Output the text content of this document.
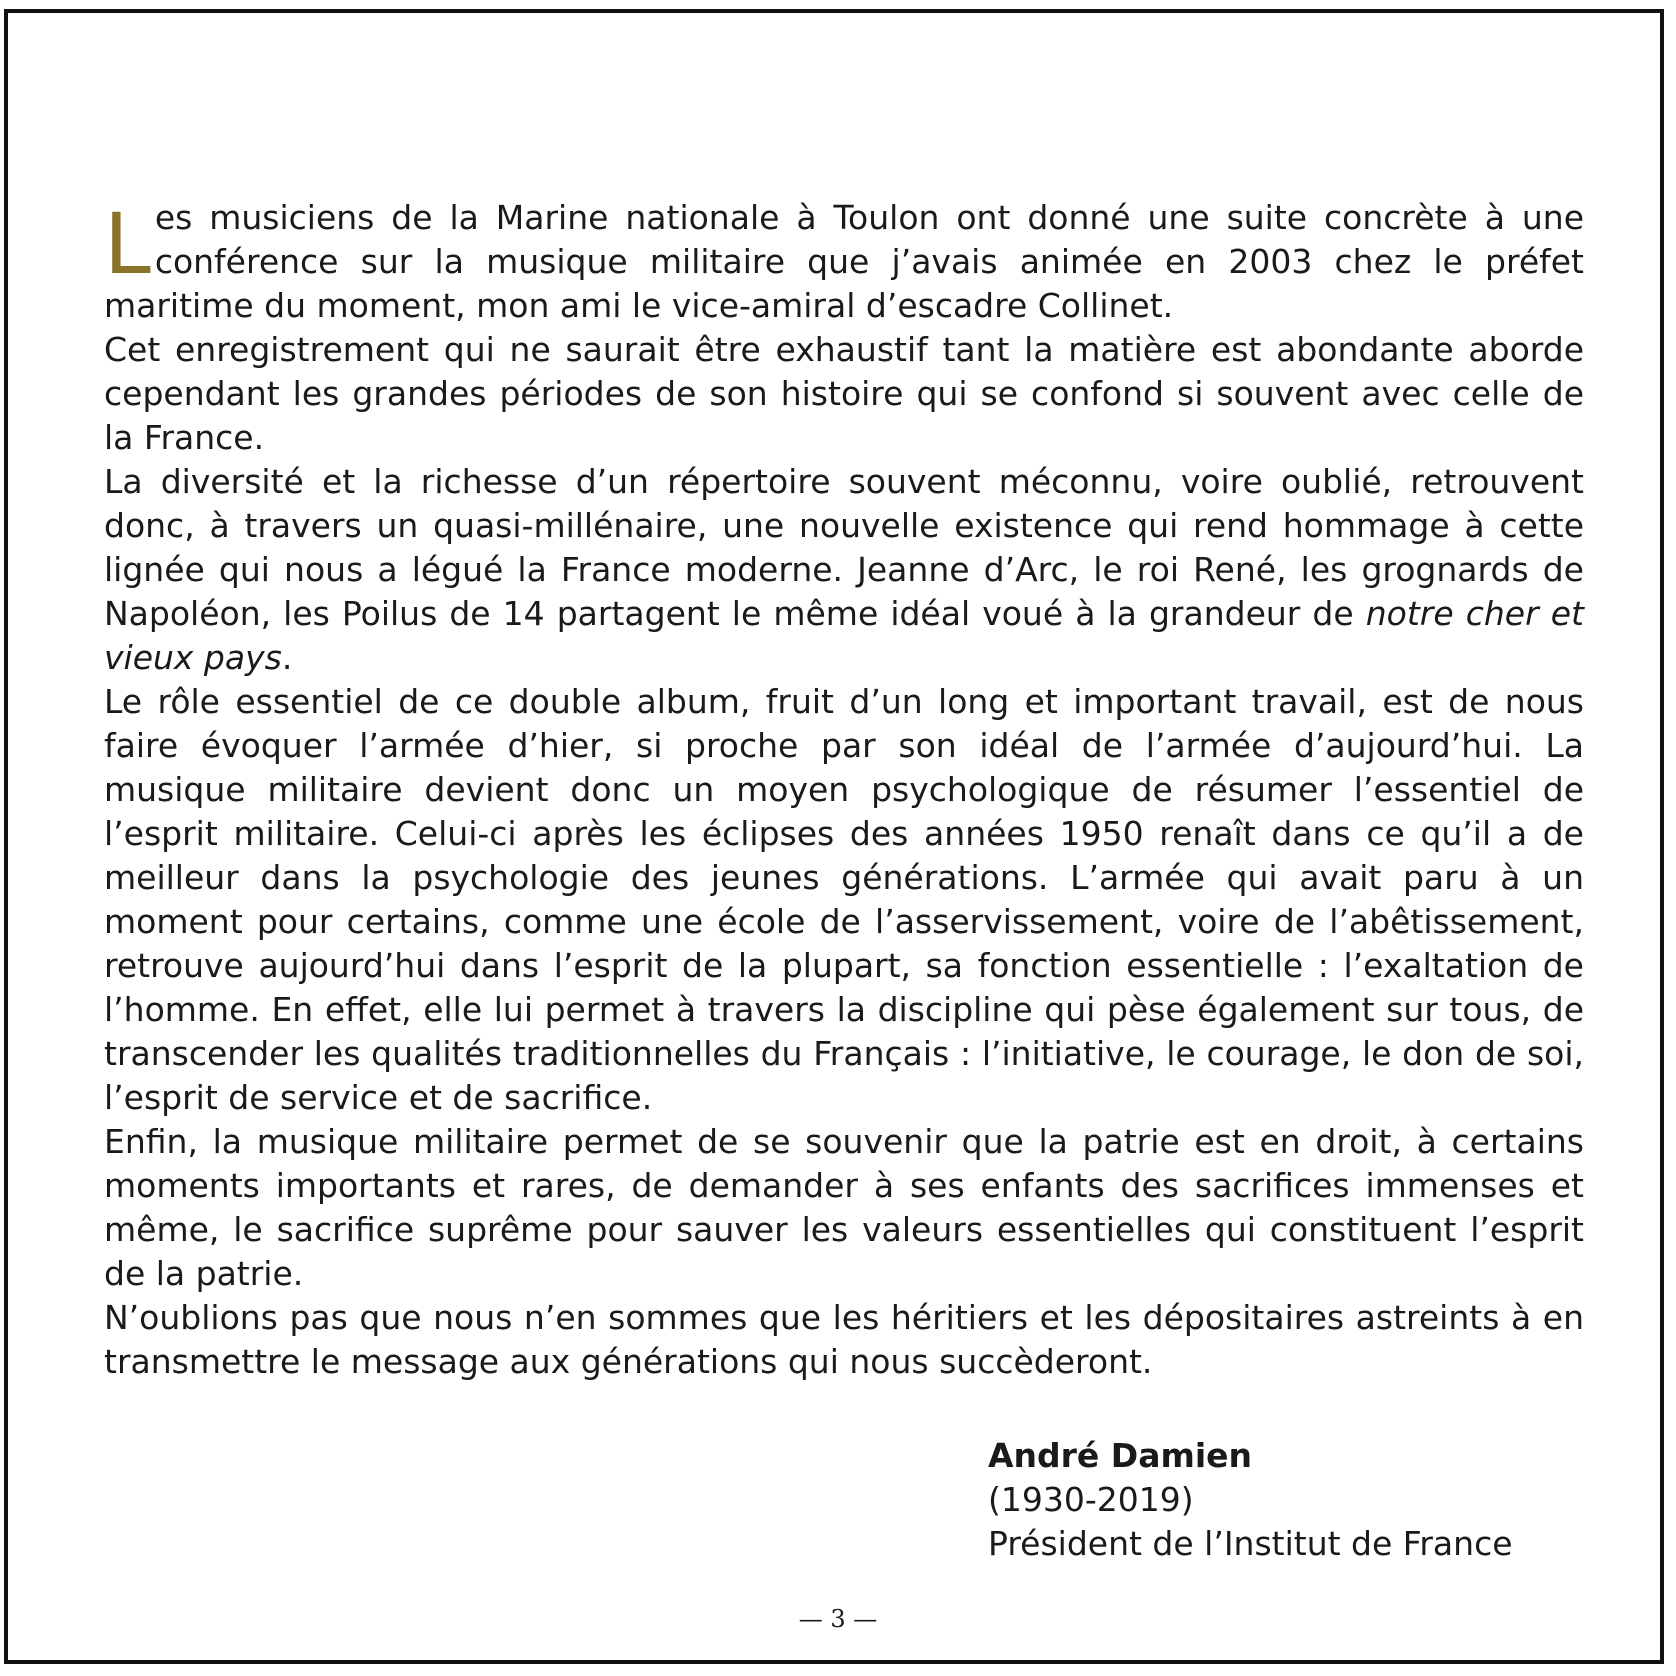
Les musiciens de la Marine nationale à Toulon ont donné une suite concrète à une conférence sur la musique militaire que j’avais animée en 2003 chez le préfet maritime du moment, mon ami le vice-amiral d’escadre Collinet.

Cet enregistrement qui ne saurait être exhaustif tant la matière est abondante aborde cependant les grandes périodes de son histoire qui se confond si souvent avec celle de la France.

La diversité et la richesse d’un répertoire souvent méconnu, voire oublié, retrouvent donc, à travers un quasi-millénaire, une nouvelle existence qui rend hommage à cette lignée qui nous a légué la France moderne. Jeanne d’Arc, le roi René, les grognards de Napoléon, les Poilus de 14 partagent le même idéal voué à la grandeur de notre cher et vieux pays.

Le rôle essentiel de ce double album, fruit d’un long et important travail, est de nous faire évoquer l’armée d’hier, si proche par son idéal de l’armée d’aujourd’hui. La musique militaire devient donc un moyen psychologique de résumer l’essentiel de l’esprit militaire. Celui-ci après les éclipses des années 1950 renaît dans ce qu’il a de meilleur dans la psychologie des jeunes générations. L’armée qui avait paru à un moment pour certains, comme une école de l’asservissement, voire de l’abêtissement, retrouve aujourd’hui dans l’esprit de la plupart, sa fonction essentielle : l’exaltation de l’homme. En effet, elle lui permet à travers la discipline qui pèse également sur tous, de transcender les qualités traditionnelles du Français : l’initiative, le courage, le don de soi, l’esprit de service et de sacrifice.

Enfin, la musique militaire permet de se souvenir que la patrie est en droit, à certains moments importants et rares, de demander à ses enfants des sacrifices immenses et même, le sacrifice suprême pour sauver les valeurs essentielles qui constituent l’esprit de la patrie.

N’oublions pas que nous n’en sommes que les héritiers et les dépositaires astreints à en transmettre le message aux générations qui nous succèderont.

André Damien
(1930-2019)
Président de l’Institut de France
— 3 —
